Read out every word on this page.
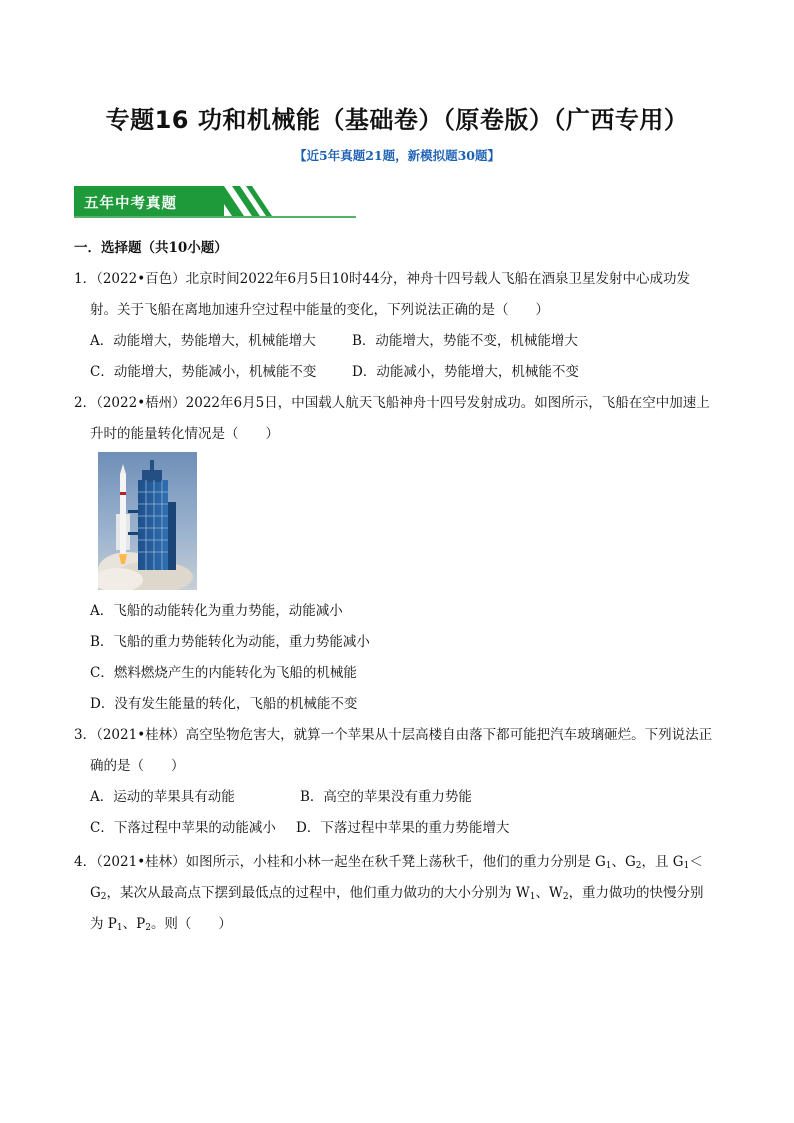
专题16 功和机械能（基础卷）（原卷版）（广西专用）
【近5年真题21题，新模拟题30题】
五年中考真题
一．选择题（共10小题）
1．（2022•百色）北京时间2022年6月5日10时44分，神舟十四号载人飞船在酒泉卫星发射中心成功发
射。关于飞船在离地加速升空过程中能量的变化，下列说法正确的是（　　）
A．动能增大，势能增大，机械能增大	B．动能增大，势能不变，机械能增大
C．动能增大，势能减小，机械能不变	D．动能减小，势能增大，机械能不变
2．（2022•梧州）2022年6月5日，中国载人航天飞船神舟十四号发射成功。如图所示，飞船在空中加速上
升时的能量转化情况是（　　）
A．飞船的动能转化为重力势能，动能减小
B．飞船的重力势能转化为动能，重力势能减小
C．燃料燃烧产生的内能转化为飞船的机械能
D．没有发生能量的转化，飞船的机械能不变
3．（2021•桂林）高空坠物危害大，就算一个苹果从十层高楼自由落下都可能把汽车玻璃砸烂。下列说法正
确的是（　　）
A．运动的苹果具有动能	B．高空的苹果没有重力势能
C．下落过程中苹果的动能减小 D．下落过程中苹果的重力势能增大
4．（2021•桂林）如图所示，小桂和小林一起坐在秋千凳上荡秋千，他们的重力分别是 $G_1$、$G_2$，且 $G_1<$
$G_2$，某次从最高点下摆到最低点的过程中，他们重力做功的大小分别为 $W_1$、$W_2$，重力做功的快慢分别
为 $P_1$、$P_2$。则（　　）
